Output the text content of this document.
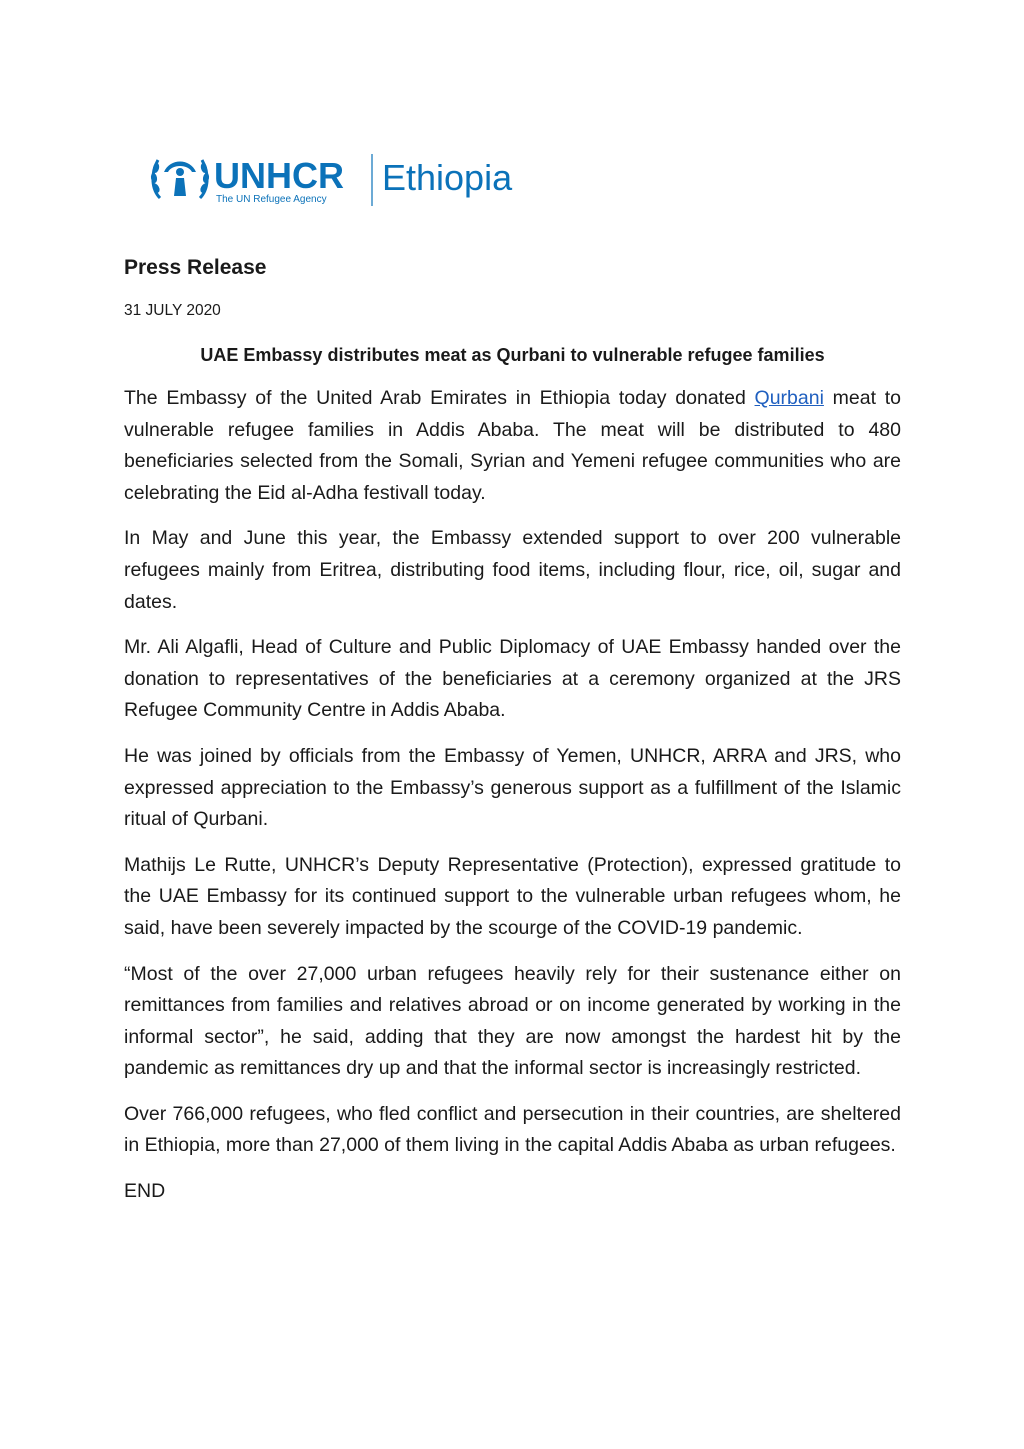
UNHCR
The UN Refugee Agency
Ethiopia
Press Release
31 JULY 2020
UAE Embassy distributes meat as Qurbani to vulnerable refugee families

The Embassy of the United Arab Emirates in Ethiopia today donated Qurbani meat to vulnerable refugee families in Addis Ababa. The meat will be distributed to 480 beneficiaries selected from the Somali, Syrian and Yemeni refugee communities who are celebrating the Eid al-Adha festivall today.

In May and June this year, the Embassy extended support to over 200 vulnerable refugees mainly from Eritrea, distributing food items, including flour, rice, oil, sugar and dates.

Mr. Ali Algafli, Head of Culture and Public Diplomacy of UAE Embassy handed over the donation to representatives of the beneficiaries at a ceremony organized at the JRS Refugee Community Centre in Addis Ababa.

He was joined by officials from the Embassy of Yemen, UNHCR, ARRA and JRS, who expressed appreciation to the Embassy’s generous support as a fulfillment of the Islamic ritual of Qurbani.

Mathijs Le Rutte, UNHCR’s Deputy Representative (Protection), expressed gratitude to the UAE Embassy for its continued support to the vulnerable urban refugees whom, he said, have been severely impacted by the scourge of the COVID-19 pandemic.

“Most of the over 27,000 urban refugees heavily rely for their sustenance either on remittances from families and relatives abroad or on income generated by working in the informal sector”, he said, adding that they are now amongst the hardest hit by the pandemic as remittances dry up and that the informal sector is increasingly restricted.

Over 766,000 refugees, who fled conflict and persecution in their countries, are sheltered in Ethiopia, more than 27,000 of them living in the capital Addis Ababa as urban refugees.

END
